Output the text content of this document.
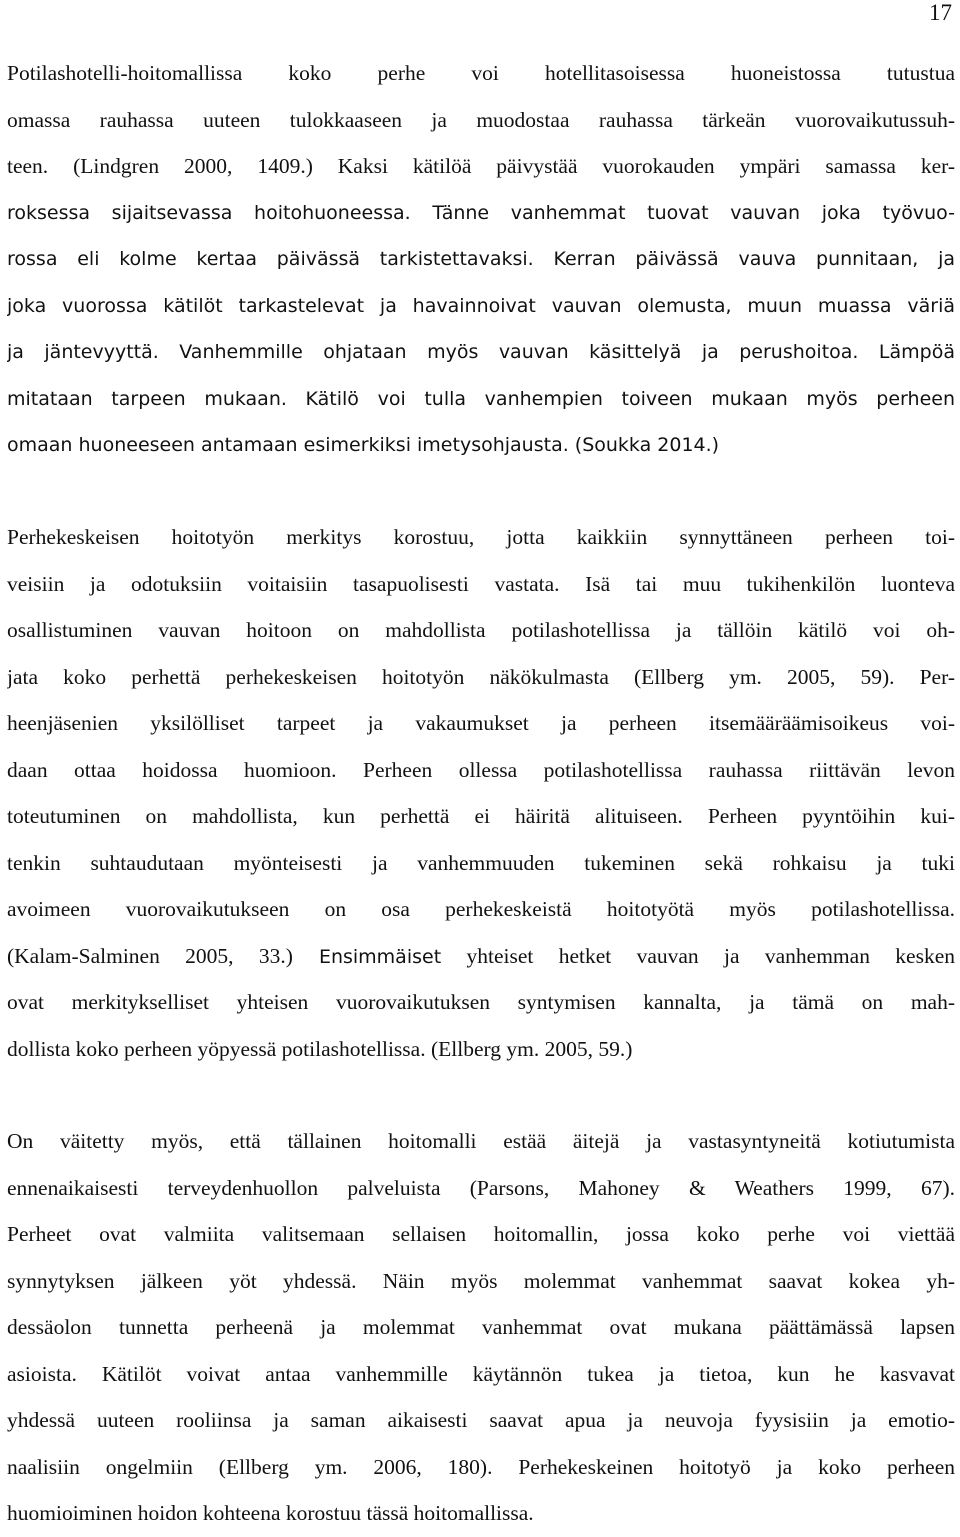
17
Potilashotelli-hoitomallissa koko perhe voi hotellitasoisessa huoneistossa tutustua
omassa rauhassa uuteen tulokkaaseen ja muodostaa rauhassa tärkeän vuorovaikutussuh-
teen. (Lindgren 2000, 1409.) Kaksi kätilöä päivystää vuorokauden ympäri samassa ker-
roksessa sijaitsevassa hoitohuoneessa. Tänne vanhemmat tuovat vauvan joka työvuo-
rossa eli kolme kertaa päivässä tarkistettavaksi. Kerran päivässä vauva punnitaan, ja
joka vuorossa kätilöt tarkastelevat ja havainnoivat vauvan olemusta, muun muassa väriä
ja jäntevyyttä. Vanhemmille ohjataan myös vauvan käsittelyä ja perushoitoa. Lämpöä
mitataan tarpeen mukaan. Kätilö voi tulla vanhempien toiveen mukaan myös perheen
omaan huoneeseen antamaan esimerkiksi imetysohjausta. (Soukka 2014.)
Perhekeskeisen hoitotyön merkitys korostuu, jotta kaikkiin synnyttäneen perheen toi-
veisiin ja odotuksiin voitaisiin tasapuolisesti vastata. Isä tai muu tukihenkilön luonteva
osallistuminen vauvan hoitoon on mahdollista potilashotellissa ja tällöin kätilö voi oh-
jata koko perhettä perhekeskeisen hoitotyön näkökulmasta (Ellberg ym. 2005, 59). Per-
heenjäsenien yksilölliset tarpeet ja vakaumukset ja perheen itsemääräämisoikeus voi-
daan ottaa hoidossa huomioon. Perheen ollessa potilashotellissa rauhassa riittävän levon
toteutuminen on mahdollista, kun perhettä ei häiritä alituiseen. Perheen pyyntöihin kui-
tenkin suhtaudutaan myönteisesti ja vanhemmuuden tukeminen sekä rohkaisu ja tuki
avoimeen vuorovaikutukseen on osa perhekeskeistä hoitotyötä myös potilashotellissa.
(Kalam-Salminen 2005, 33.) Ensimmäiset yhteiset hetket vauvan ja vanhemman kesken
ovat merkitykselliset yhteisen vuorovaikutuksen syntymisen kannalta, ja tämä on mah-
dollista koko perheen yöpyessä potilashotellissa. (Ellberg ym. 2005, 59.)
On väitetty myös, että tällainen hoitomalli estää äitejä ja vastasyntyneitä kotiutumista
ennenaikaisesti terveydenhuollon palveluista (Parsons, Mahoney & Weathers 1999, 67).
Perheet ovat valmiita valitsemaan sellaisen hoitomallin, jossa koko perhe voi viettää
synnytyksen jälkeen yöt yhdessä. Näin myös molemmat vanhemmat saavat kokea yh-
dessäolon tunnetta perheenä ja molemmat vanhemmat ovat mukana päättämässä lapsen
asioista. Kätilöt voivat antaa vanhemmille käytännön tukea ja tietoa, kun he kasvavat
yhdessä uuteen rooliinsa ja saman aikaisesti saavat apua ja neuvoja fyysisiin ja emotio-
naalisiin ongelmiin (Ellberg ym. 2006, 180). Perhekeskeinen hoitotyö ja koko perheen
huomioiminen hoidon kohteena korostuu tässä hoitomallissa.
